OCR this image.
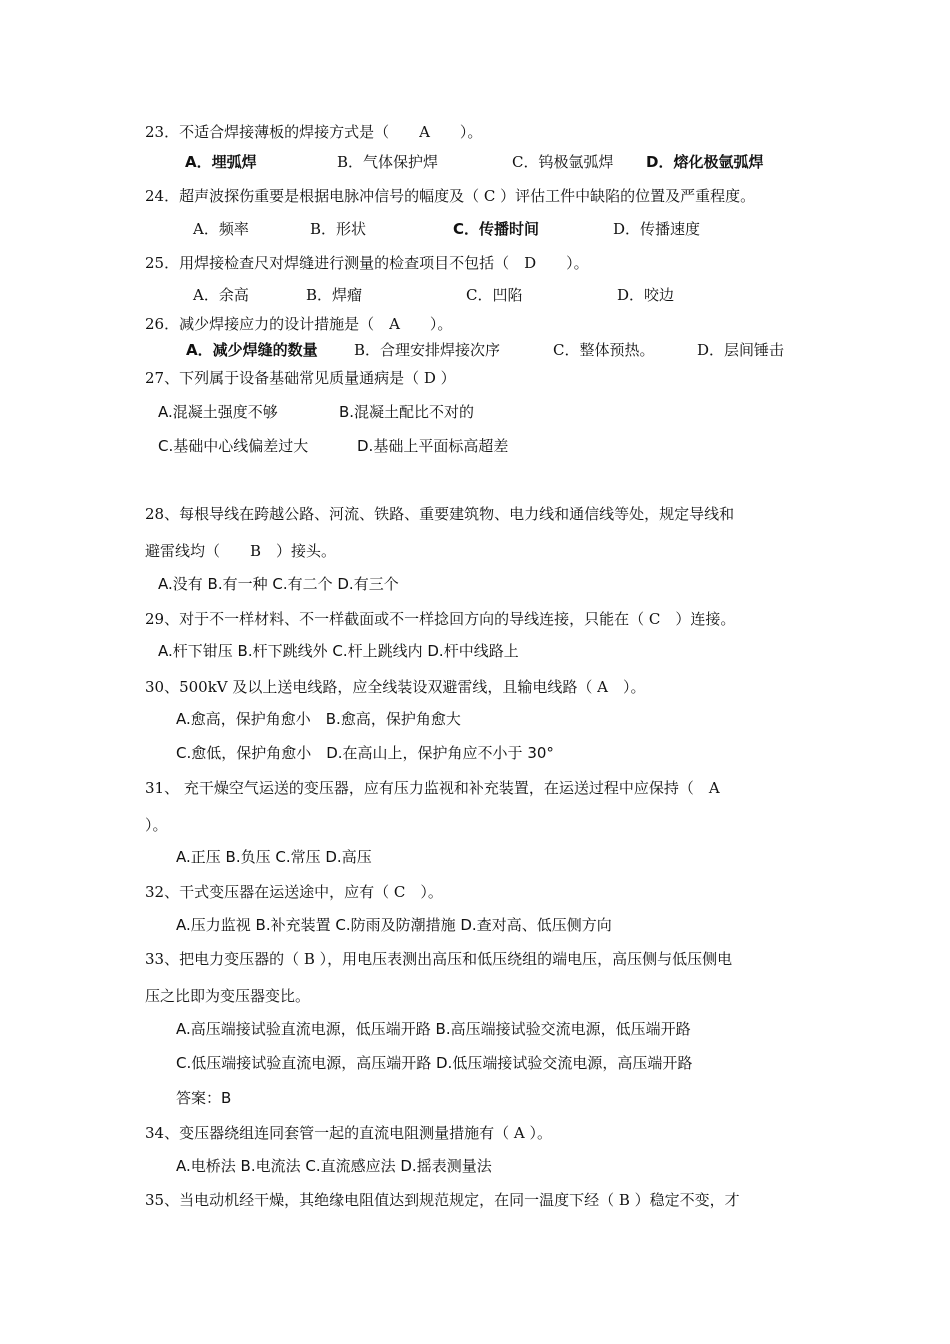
23．不适合焊接薄板的焊接方式是（　　A　　）。
A．埋弧焊	B．气体保护焊	C．钨极氩弧焊 D．熔化极氩弧焊
24．超声波探伤重要是根据电脉冲信号的幅度及（ C ）评估工件中缺陷的位置及严重程度。
A．频率	B．形状	C．传播时间	D．传播速度
25．用焊接检查尺对焊缝进行测量的检查项目不包括（　D　　）。
A．余高	B．焊瘤	C．凹陷	D．咬边
26．减少焊接应力的设计措施是（　A　　）。
A．减少焊缝的数量 B．合理安排焊接次序	C．整体预热。	D．层间锤击
27、下列属于设备基础常见质量通病是（ D ）
A.混凝土强度不够	B.混凝土配比不对的
C.基础中心线偏差过大	D.基础上平面标高超差
28、每根导线在跨越公路、河流、铁路、重要建筑物、电力线和通信线等处，规定导线和
避雷线均（　　B　）接头。
A.没有 B.有一种 C.有二个 D.有三个
29、对于不一样材料、不一样截面或不一样捻回方向的导线连接，只能在（ C　）连接。
A.杆下钳压 B.杆下跳线外 C.杆上跳线内 D.杆中线路上
30、500kV 及以上送电线路，应全线装设双避雷线，且输电线路（ A　）。
A.愈高，保护角愈小　B.愈高，保护角愈大
C.愈低，保护角愈小　D.在高山上，保护角应不小于 30°
31、 充干燥空气运送的变压器，应有压力监视和补充装置，在运送过程中应保持（　A
）。
A.正压 B.负压 C.常压 D.高压
32、干式变压器在运送途中，应有（ C　）。
A.压力监视 B.补充装置 C.防雨及防潮措施 D.查对高、低压侧方向
33、把电力变压器的（ B ），用电压表测出高压和低压绕组的端电压，高压侧与低压侧电
压之比即为变压器变比。
A.高压端接试验直流电源，低压端开路 B.高压端接试验交流电源，低压端开路
C.低压端接试验直流电源，高压端开路 D.低压端接试验交流电源，高压端开路
答案：B
34、变压器绕组连同套管一起的直流电阻测量措施有（ A ）。
A.电桥法 B.电流法 C.直流感应法 D.摇表测量法
35、当电动机经干燥，其绝缘电阻值达到规范规定，在同一温度下经（ B ）稳定不变，才
